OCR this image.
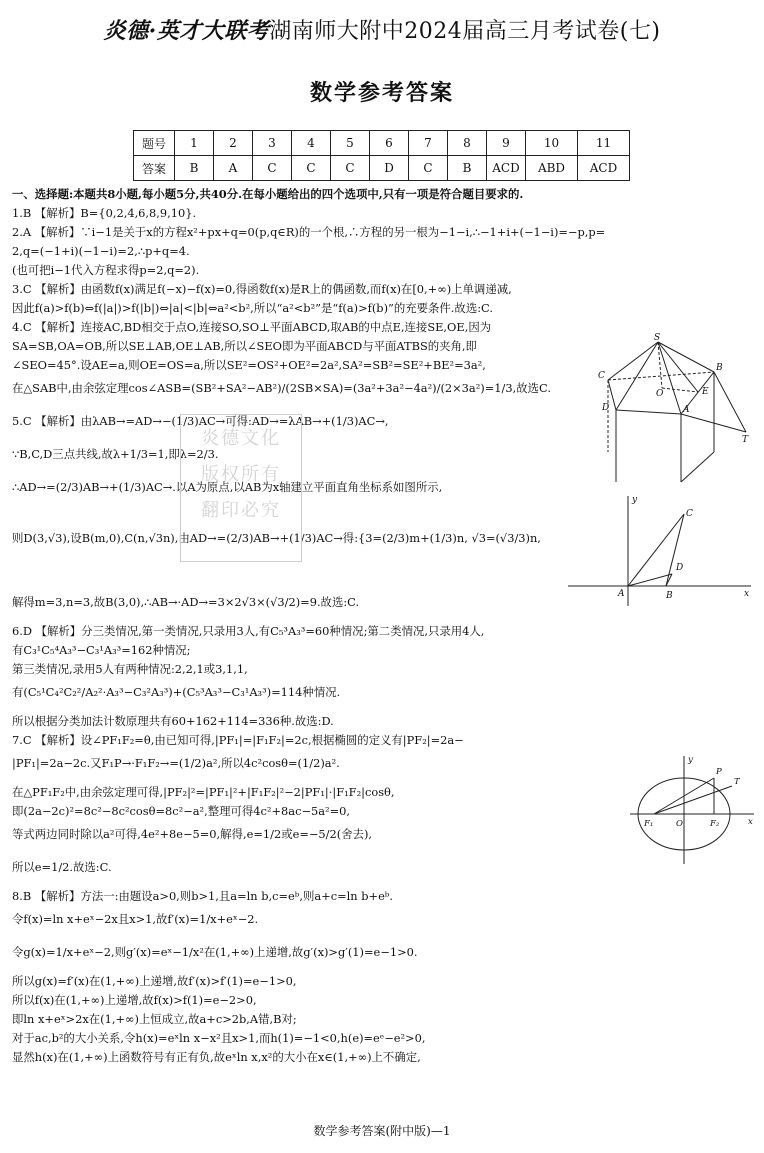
炎德·英才大联考湖南师大附中2024届高三月考试卷(七)
数学参考答案
题号	1	2	3	4	5	6	7	8	9	10	11
答案	B	A	C	C	C	D	C	B	ACD	ABD	ACD
一、选择题:本题共8小题,每小题5分,共40分.在每小题给出的四个选项中,只有一项是符合题目要求的.
1.B 【解析】B={0,2,4,6,8,9,10}.
2.A 【解析】∵i−1是关于x的方程x²+px+q=0(p,q∈R)的一个根,∴方程的另一根为−1−i,∴−1+i+(−1−i)=−p,p=
2,q=(−1+i)(−1−i)=2,∴p+q=4.
(也可把i−1代入方程求得p=2,q=2).
3.C 【解析】由函数f(x)满足f(−x)−f(x)=0,得函数f(x)是R上的偶函数,而f(x)在[0,+∞)上单调递减,
因此f(a)>f(b)⇔f(|a|)>f(|b|)⇔|a|<|b|⇔a²<b²,所以“a²<b²”是“f(a)>f(b)”的充要条件.故选:C.
4.C 【解析】连接AC,BD相交于点O,连接SO,SO⊥平面ABCD,取AB的中点E,连接SE,OE,因为
SA=SB,OA=OB,所以SE⊥AB,OE⊥AB,所以∠SEO即为平面ABCD与平面ATBS的夹角,即
∠SEO=45°.设AE=a,则OE=OS=a,所以SE²=OS²+OE²=2a²,SA²=SB²=SE²+BE²=3a²,
在△SAB中,由余弦定理cos∠ASB=(SB²+SA²−AB²)/(2SB×SA)=(3a²+3a²−4a²)/(2×3a²)=1/3,故选C.
5.C 【解析】由λAB→=AD→−(1/3)AC→可得:AD→=λAB→+(1/3)AC→,
∵B,C,D三点共线,故λ+1/3=1,即λ=2/3.
∴AD→=(2/3)AB→+(1/3)AC→.以A为原点,以AB为x轴建立平面直角坐标系如图所示,
则D(3,√3),设B(m,0),C(n,√3n),由AD→=(2/3)AB→+(1/3)AC→得:{3=(2/3)m+(1/3)n, √3=(√3/3)n,
解得m=3,n=3,故B(3,0),∴AB→·AD→=3×2√3×(√3/2)=9.故选:C.
6.D 【解析】分三类情况,第一类情况,只录用3人,有C₅³A₃³=60种情况;第二类情况,只录用4人,
有C₃¹C₅⁴A₃³−C₃¹A₃³=162种情况;
第三类情况,录用5人有两种情况:2,2,1或3,1,1,
有(C₅¹C₄²C₂²/A₂²·A₃³−C₃²A₃³)+(C₅³A₃³−C₃¹A₃³)=114种情况.
所以根据分类加法计数原理共有60+162+114=336种.故选:D.
7.C 【解析】设∠PF₁F₂=θ,由已知可得,|PF₁|=|F₁F₂|=2c,根据椭圆的定义有|PF₂|=2a−
|PF₁|=2a−2c.又F₁P→·F₁F₂→=(1/2)a²,所以4c²cosθ=(1/2)a².
在△PF₁F₂中,由余弦定理可得,|PF₂|²=|PF₁|²+|F₁F₂|²−2|PF₁|·|F₁F₂|cosθ,
即(2a−2c)²=8c²−8c²cosθ=8c²−a²,整理可得4c²+8ac−5a²=0,
等式两边同时除以a²可得,4e²+8e−5=0,解得,e=1/2或e=−5/2(舍去),
所以e=1/2.故选:C.
8.B 【解析】方法一:由题设a>0,则b>1,且a=ln b,c=eᵇ,则a+c=ln b+eᵇ.
令f(x)=ln x+eˣ−2x且x>1,故f′(x)=1/x+eˣ−2.
令g(x)=1/x+eˣ−2,则g′(x)=eˣ−1/x²在(1,+∞)上递增,故g′(x)>g′(1)=e−1>0.
所以g(x)=f′(x)在(1,+∞)上递增,故f′(x)>f′(1)=e−1>0,
所以f(x)在(1,+∞)上递增,故f(x)>f(1)=e−2>0,
即ln x+eˣ>2x在(1,+∞)上恒成立,故a+c>2b,A错,B对;
对于ac,b²的大小关系,令h(x)=eˣln x−x²且x>1,而h(1)=−1<0,h(e)=eᵉ−e²>0,
显然h(x)在(1,+∞)上函数符号有正有负,故eˣln x,x²的大小在x∈(1,+∞)上不确定,
炎德文化
版权所有
翻印必究
S
C
B
O	E
A
D
T
y
C
D
B	x
A
y
P
T
F₁	O	F₂	x
数学参考答案(附中版)—1
